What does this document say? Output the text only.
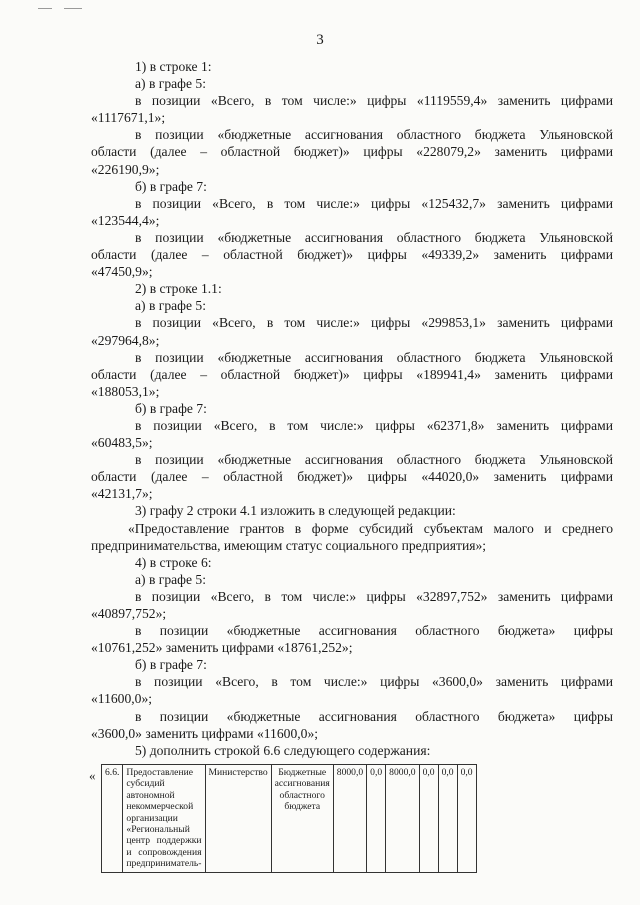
3
1) в строке 1:
а) в графе 5:
в позиции «Всего, в том числе:» цифры «1119559,4» заменить цифрами
«1117671,1»;
в позиции «бюджетные ассигнования областного бюджета Ульяновской
области (далее – областной бюджет)» цифры «228079,2» заменить цифрами
«226190,9»;
б) в графе 7:
в позиции «Всего, в том числе:» цифры «125432,7» заменить цифрами
«123544,4»;
в позиции «бюджетные ассигнования областного бюджета Ульяновской
области (далее – областной бюджет)» цифры «49339,2» заменить цифрами
«47450,9»;
2) в строке 1.1:
а) в графе 5:
в позиции «Всего, в том числе:» цифры «299853,1» заменить цифрами
«297964,8»;
в позиции «бюджетные ассигнования областного бюджета Ульяновской
области (далее – областной бюджет)» цифры «189941,4» заменить цифрами
«188053,1»;
б) в графе 7:
в позиции «Всего, в том числе:» цифры «62371,8» заменить цифрами
«60483,5»;
в позиции «бюджетные ассигнования областного бюджета Ульяновской
области (далее – областной бюджет)» цифры «44020,0» заменить цифрами
«42131,7»;
3) графу 2 строки 4.1 изложить в следующей редакции:
«Предоставление грантов в форме субсидий субъектам малого и среднего
предпринимательства, имеющим статус социального предприятия»;
4) в строке 6:
а) в графе 5:
в позиции «Всего, в том числе:» цифры «32897,752» заменить цифрами
«40897,752»;
в позиции «бюджетные ассигнования областного бюджета» цифры
«10761,252» заменить цифрами «18761,252»;
б) в графе 7:
в позиции «Всего, в том числе:» цифры «3600,0» заменить цифрами
«11600,0»;
в позиции «бюджетные ассигнования областного бюджета» цифры
«3600,0» заменить цифрами «11600,0»;
5) дополнить строкой 6.6 следующего содержания:
« 6.6.	Предоставление субсидий автономной некоммерческой организации «Региональный центр поддержки и сопровождения предприниматель-	Министерство	Бюджетные ассигнования областного бюджета	8000,0	0,0	8000,0	0,0	0,0	0,0
